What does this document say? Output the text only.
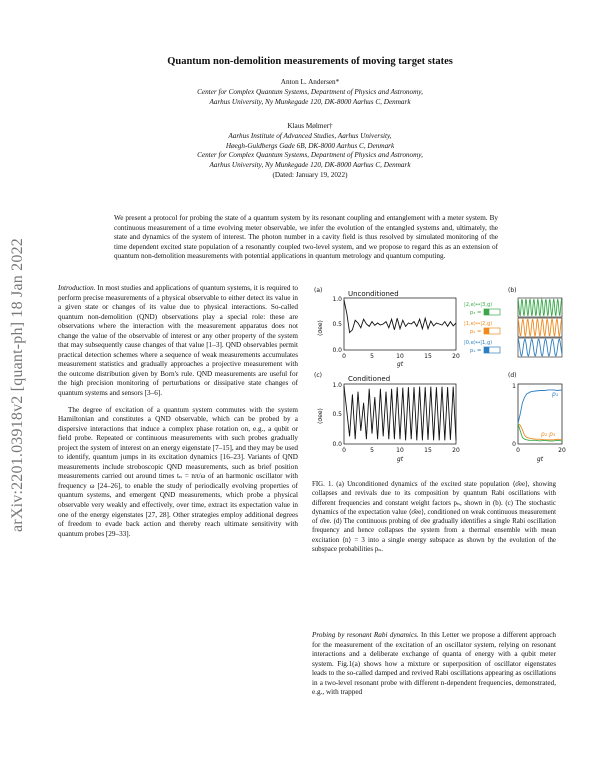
arXiv:2201.03918v2 [quant-ph] 18 Jan 2022
Quantum non-demolition measurements of moving target states
Anton L. Andersen*
Center for Complex Quantum Systems, Department of Physics and Astronomy,
Aarhus University, Ny Munkegade 120, DK-8000 Aarhus C, Denmark
Klaus Mølmer†
Aarhus Institute of Advanced Studies, Aarhus University,
Høegh-Guldbergs Gade 6B, DK-8000 Aarhus C, Denmark
Center for Complex Quantum Systems, Department of Physics and Astronomy,
Aarhus University, Ny Munkegade 120, DK-8000 Aarhus C, Denmark
(Dated: January 19, 2022)
We present a protocol for probing the state of a quantum system by its resonant coupling and entanglement with a meter system. By continuous measurement of a time evolving meter observable, we infer the evolution of the entangled systems and, ultimately, the state and dynamics of the system of interest. The photon number in a cavity field is thus resolved by simulated monitoring of the time dependent excited state population of a resonantly coupled two-level system, and we propose to regard this as an extension of quantum non-demolition measurements with potential applications in quantum metrology and quantum computing.

Introduction. In most studies and applications of quantum systems, it is required to perform precise measurements of a physical observable to either detect its value in a given state or changes of its value due to physical interactions. So-called quantum non-demolition (QND) observations play a special role: these are observations where the interaction with the measurement apparatus does not change the value of the observable of interest or any other property of the system that may subsequently cause changes of that value [1–3]. QND observables permit practical detection schemes where a sequence of weak measurements accumulates measurement statistics and gradually approaches a projective measurement with the outcome distribution given by Born's rule. QND measurements are useful for the high precision monitoring of perturbations or dissipative state changes of quantum systems and sensors [3–6].

The degree of excitation of a quantum system commutes with the system Hamiltonian and constitutes a QND observable, which can be probed by a dispersive interactions that induce a complex phase rotation on, e.g., a qubit or field probe. Repeated or continuous measurements with such probes gradually project the system of interest on an energy eigenstate [7–15], and they may be used to identify, quantum jumps in its excitation dynamics [16–23]. Variants of QND measurements include stroboscopic QND measurements, such as brief position measurements carried out around times tₙ = nπ/ω of an harmonic oscillator with frequency ω [24–26], to enable the study of periodically evolving properties of quantum systems, and emergent QND measurements, which probe a physical observable very weakly and effectively, over time, extract its expectation value in one of the energy eigenstates [27, 28]. Other strategies employ additional degrees of freedom to evade back action and thereby reach ultimate sensitivity with quantum probes [29–33].

(a)	Unconditioned	(b)
(c)	Conditioned	(d)
1.0
0.5
0.0
0	5	10	15	20
gt
⟨σee⟩
1.0
0.5
0.0
0	5	10	15	20
gt
⟨σee⟩
|2,e⟩↔|3,g⟩
p₃ =
|1,e⟩↔|2,g⟩
p₂ =
|0,e⟩↔|1,g⟩
p₁ =
1
0
0	20
gt
p₁
p₂ p₃

FIG. 1. (a) Unconditioned dynamics of the excited state population ⟨σ̂ee⟩, showing collapses and revivals due to its composition by quantum Rabi oscillations with different frequencies and constant weight factors pₙ, shown in (b). (c) The stochastic dynamics of the expectation value ⟨σ̂ee⟩, conditioned on weak continuous measurement of σ̂ee. (d) The continuous probing of σ̂ee gradually identifies a single Rabi oscillation frequency and hence collapses the system from a thermal ensemble with mean excitation ⟨n⟩ = 3 into a single energy subspace as shown by the evolution of the subspace probabilities pₙ.

Probing by resonant Rabi dynamics. In this Letter we propose a different approach for the measurement of the excitation of an oscillator system, relying on resonant interactions and a deliberate exchange of quanta of energy with a qubit meter system. Fig.1(a) shows how a mixture or superposition of oscillator eigenstates leads to the so-called damped and revived Rabi oscillations appearing as oscillations in a two-level resonant probe with different n-dependent frequencies, demonstrated, e.g., with trapped
